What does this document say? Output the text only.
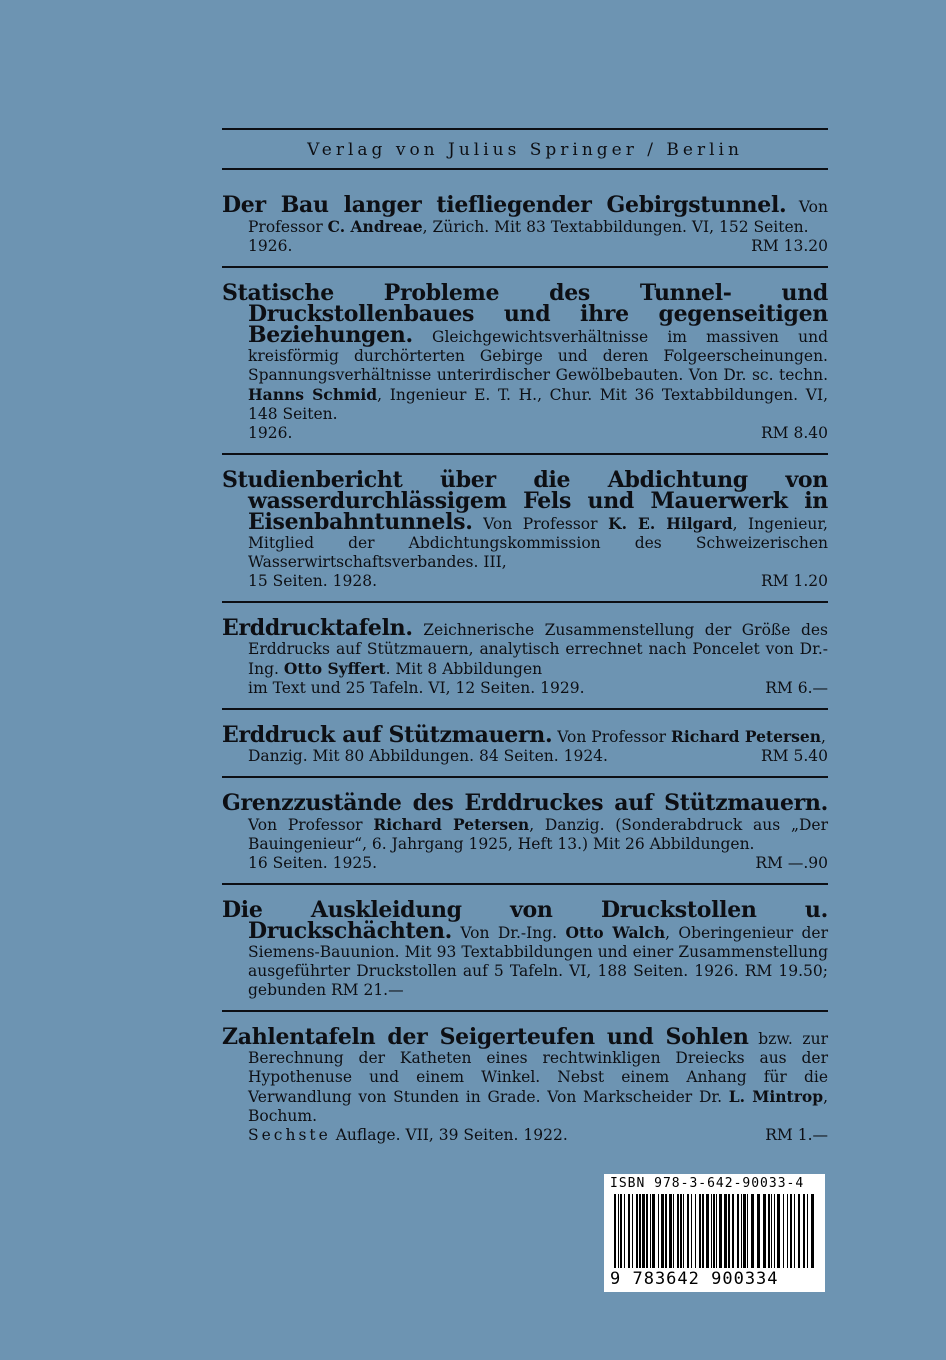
Verlag von Julius Springer / Berlin

Der Bau langer tiefliegender Gebirgstunnel. Von Professor C. Andreae, Zürich. Mit 83 Textabbildungen. VI, 152 Seiten.

1926.	RM 13.20

Statische Probleme des Tunnel- und Druckstollenbaues und ihre gegenseitigen Beziehungen. Gleichgewichtsverhältnisse im massiven und kreisförmig durchörterten Gebirge und deren Folgeerscheinungen. Spannungsverhältnisse unterirdischer Gewölbebauten. Von Dr. sc. techn. Hanns Schmid, Ingenieur E. T. H., Chur. Mit 36 Textabbildungen. VI, 148 Seiten.

1926.	RM 8.40

Studienbericht über die Abdichtung von wasserdurchlässigem Fels und Mauerwerk in Eisenbahntunnels. Von Professor K. E. Hilgard, Ingenieur, Mitglied der Abdichtungskommission des Schweizerischen Wasserwirtschaftsverbandes. III,

15 Seiten. 1928.	RM 1.20

Erddrucktafeln. Zeichnerische Zusammenstellung der Größe des Erddrucks auf Stützmauern, analytisch errechnet nach Poncelet von Dr.-Ing. Otto Syffert. Mit 8 Abbildungen

im Text und 25 Tafeln. VI, 12 Seiten. 1929.	RM 6.—

Erddruck auf Stützmauern. Von Professor Richard Petersen,

Danzig. Mit 80 Abbildungen. 84 Seiten. 1924.	RM 5.40

Grenzzustände des Erddruckes auf Stützmauern. Von Professor Richard Petersen, Danzig. (Sonderabdruck aus „Der Bauingenieur“, 6. Jahrgang 1925, Heft 13.) Mit 26 Abbildungen.

16 Seiten. 1925.	RM —.90

Die Auskleidung von Druckstollen u. Druckschächten. Von Dr.-Ing. Otto Walch, Oberingenieur der Siemens-Bauunion. Mit 93 Textabbildungen und einer Zusammenstellung ausgeführter Druckstollen auf 5 Tafeln. VI, 188 Seiten. 1926. RM 19.50; gebunden RM 21.—

Zahlentafeln der Seigerteufen und Sohlen bzw. zur Berechnung der Katheten eines rechtwinkligen Dreiecks aus der Hypothenuse und einem Winkel. Nebst einem Anhang für die Verwandlung von Stunden in Grade. Von Markscheider Dr. L. Mintrop, Bochum.

Sechste Auflage. VII, 39 Seiten. 1922.	RM 1.—
ISBN 978-3-642-90033-4
9 783642 900334
